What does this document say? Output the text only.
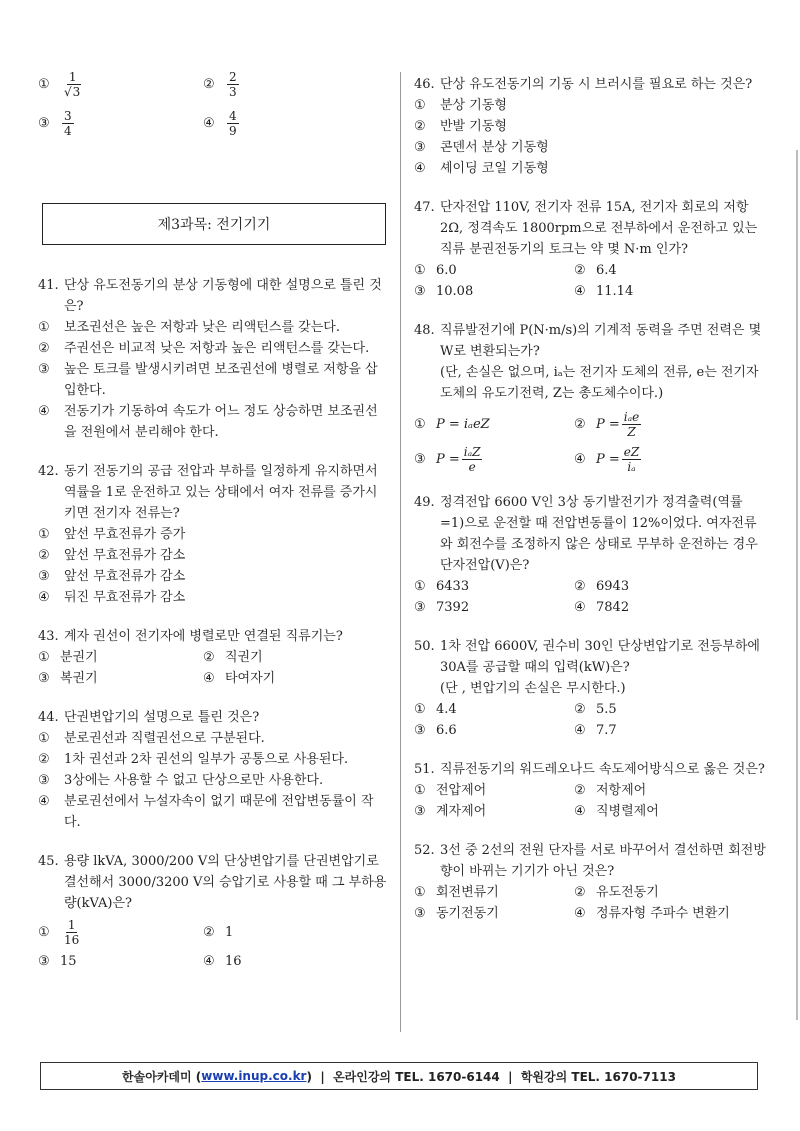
①	$\frac{1}{√3}$	②	$\frac{2}{3}$
③	$\frac{3}{4}$	④	$\frac{4}{9}$
제3과목: 전기기기
41. 단상 유도전동기의 분상 기동형에 대한 설명으로 틀린 것은?
① 보조권선은 높은 저항과 낮은 리액턴스를 갖는다.
② 주권선은 비교적 낮은 저항과 높은 리액턴스를 갖는다.
③ 높은 토크를 발생시키려면 보조권선에 병렬로 저항을 삽입한다.
④ 전동기가 기동하여 속도가 어느 정도 상승하면 보조권선을 전원에서 분리해야 한다.
42. 동기 전동기의 공급 전압과 부하를 일정하게 유지하면서 역률을 1로 운전하고 있는 상태에서 여자 전류를 증가시키면 전기자 전류는?
① 앞선 무효전류가 증가
② 앞선 무효전류가 감소
③ 앞선 무효전류가 감소
④ 뒤진 무효전류가 감소
43. 계자 권선이 전기자에 병렬로만 연결된 직류기는?
① 분권기	② 직권기
③ 복권기	④ 타여자기
44. 단권변압기의 설명으로 틀린 것은?
① 분로권선과 직렬권선으로 구분된다.
② 1차 권선과 2차 권선의 일부가 공통으로 사용된다.
③ 3상에는 사용할 수 없고 단상으로만 사용한다.
④ 분로권선에서 누설자속이 없기 때문에 전압변동률이 작다.
45. 용량 lkVA, 3000/200 V의 단상변압기를 단권변압기로 결선해서 3000/3200 V의 승압기로 사용할 때 그 부하용량(kVA)은?
①	$\frac{1}{16}$	② 1
③ 15	④ 16
46. 단상 유도전동기의 기동 시 브러시를 필요로 하는 것은?
① 분상 기동형
② 반발 기동형
③ 콘덴서 분상 기동형
④ 셰이딩 코일 기동형
47. 단자전압 110V, 전기자 전류 15A, 전기자 회로의 저항 2Ω, 정격속도 1800rpm으로 전부하에서 운전하고 있는 직류 분권전동기의 토크는 약 몇 N·m 인가?
① 6.0	② 6.4
③ 10.08	④ 11.14
48. 직류발전기에 P(N·m/s)의 기계적 동력을 주면 전력은 몇 W로 변환되는가?
(단, 손실은 없으며, iₐ는 전기자 도체의 전류, e는 전기자 도체의 유도기전력, Z는 총도체수이다.)
① P = iₐeZ	② $P = \frac{\text{iₐe}}{Z}$
③ $P = \frac{\text{iₐZ}}{e}$	④ $P = \frac{eZ}{\text{iₐ}}$
49. 정격전압 6600 V인 3상 동기발전기가 정격출력(역률=1)으로 운전할 때 전압변동률이 12%이었다. 여자전류와 회전수를 조정하지 않은 상태로 무부하 운전하는 경우 단자전압(V)은?
① 6433	② 6943
③ 7392	④ 7842
50. 1차 전압 6600V, 권수비 30인 단상변압기로 전등부하에 30A를 공급할 때의 입력(kW)은?
(단 , 변압기의 손실은 무시한다.)
① 4.4	② 5.5
③ 6.6	④ 7.7
51. 직류전동기의 워드레오나드 속도제어방식으로 옳은 것은?
① 전압제어	② 저항제어
③ 계자제어	④ 직병렬제어
52. 3선 중 2선의 전원 단자를 서로 바꾸어서 결선하면 회전방향이 바뀌는 기기가 아닌 것은?
① 회전변류기	② 유도전동기
③ 동기전동기	④ 정류자형 주파수 변환기
한솔아카데미 ( www.inup.co.kr )  |  온라인강의 TEL. 1670-6144  |  학원강의 TEL. 1670-7113
